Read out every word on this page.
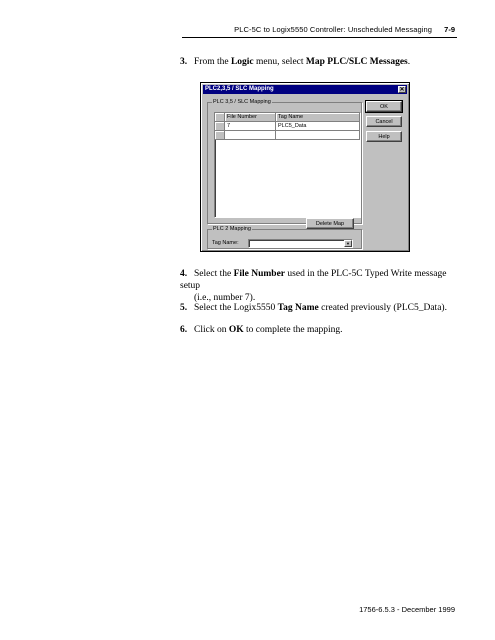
PLC-5C to Logix5550 Controller: Unscheduled Messaging 7-9
3. From the Logic menu, select Map PLC/SLC Messages.
PLC2,3,5 / SLC Mapping	✕
PLC 3,5 / SLC Mapping
File Number	Tag Name
7	PLC5_Data
Delete Map
PLC 2 Mapping
Tag Name:	▼
OK
Cancel
Help
4. Select the File Number used in the PLC-5C Typed Write message setup
(i.e., number 7).
5. Select the Logix5550 Tag Name created previously (PLC5_Data).
6. Click on OK to complete the mapping.
1756-6.5.3 - December 1999
